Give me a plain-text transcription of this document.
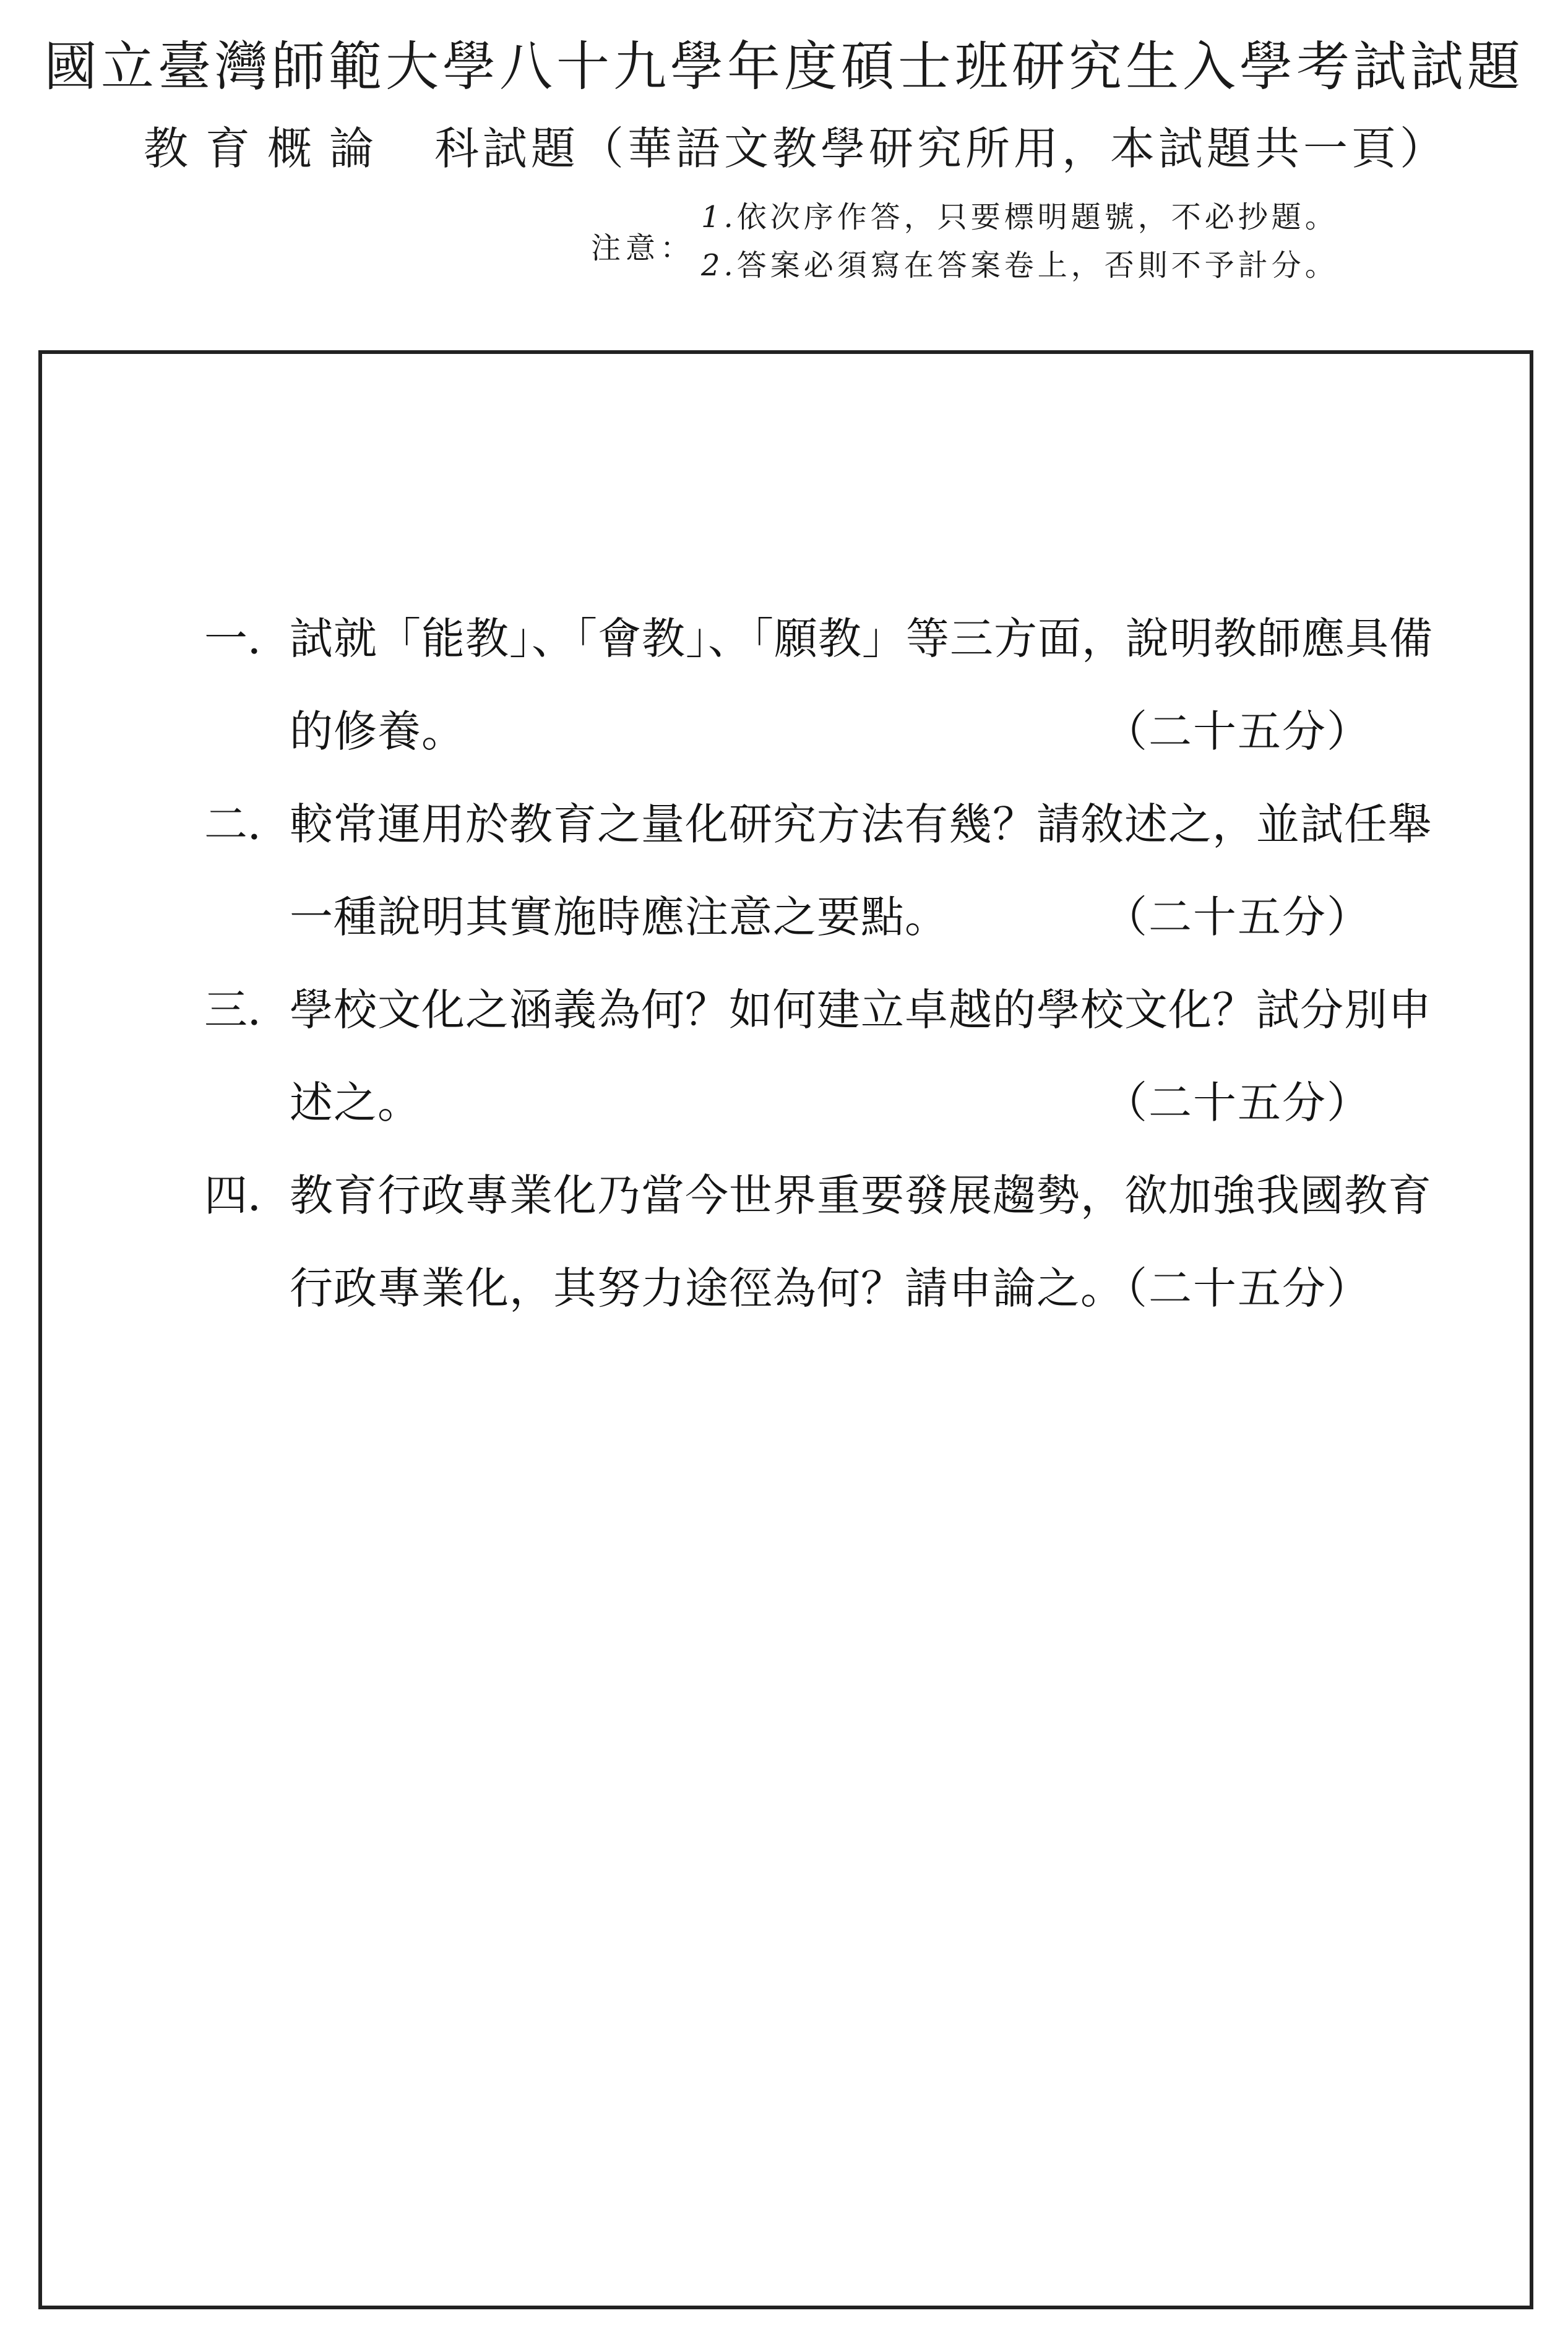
國立臺灣師範大學八十九學年度碩士班研究生入學考試試題
教育概論 科試題（華語文教學研究所用，本試題共一頁）
注意：
1.依次序作答，只要標明題號，不必抄題。
2.答案必須寫在答案卷上，否則不予計分。
一．
試就「能教」、「會教」、「願教」等三方面，說明教師應具備
的修養。	（二十五分）
二．
較常運用於教育之量化研究方法有幾？請敘述之，並試任舉
一種說明其實施時應注意之要點。	（二十五分）
三．
學校文化之涵義為何？如何建立卓越的學校文化？試分別申
述之。	（二十五分）
四．
教育行政專業化乃當今世界重要發展趨勢，欲加強我國教育
行政專業化，其努力途徑為何？請申論之。
（二十五分）
